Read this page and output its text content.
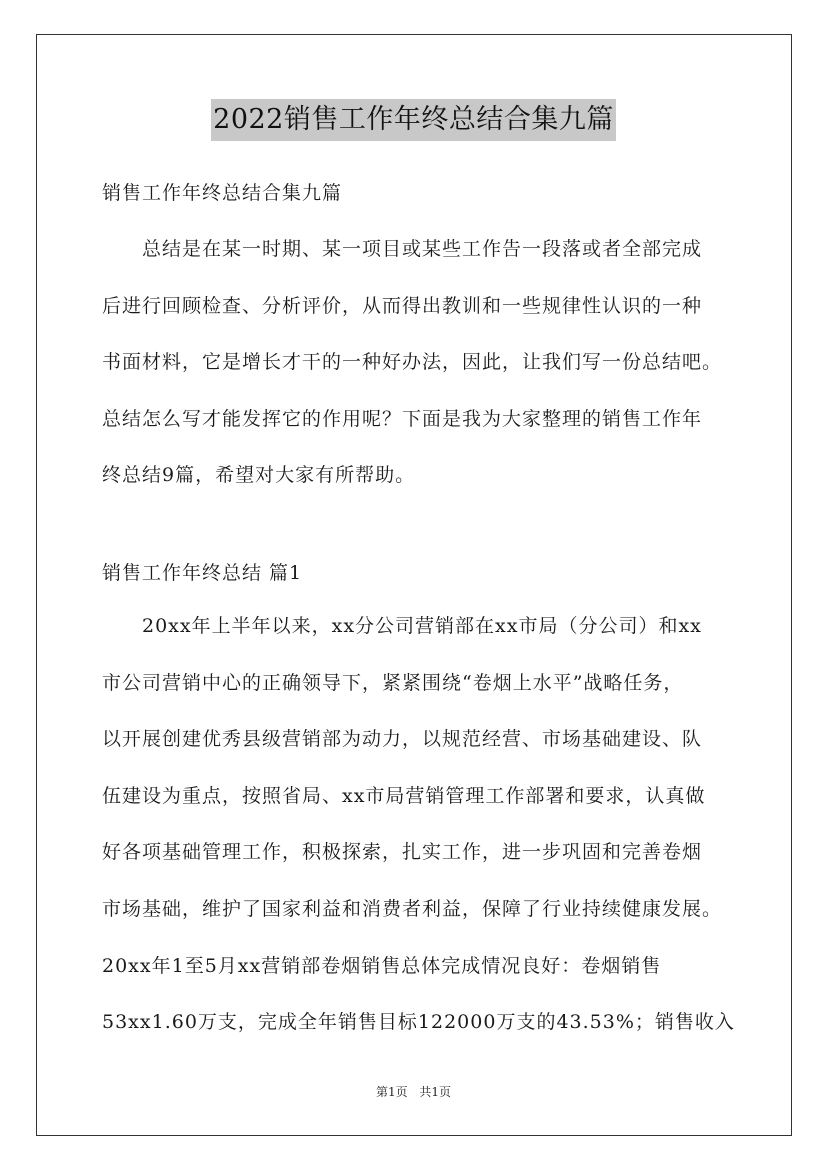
2022销售工作年终总结合集九篇
销售工作年终总结合集九篇
总结是在某一时期、某一项目或某些工作告一段落或者全部完成
后进行回顾检查、分析评价，从而得出教训和一些规律性认识的一种
书面材料，它是增长才干的一种好办法，因此，让我们写一份总结吧。
总结怎么写才能发挥它的作用呢？下面是我为大家整理的销售工作年
终总结9篇，希望对大家有所帮助。
销售工作年终总结 篇1
20xx年上半年以来，xx分公司营销部在xx市局（分公司）和xx
市公司营销中心的正确领导下，紧紧围绕“卷烟上水平”战略任务，
以开展创建优秀县级营销部为动力，以规范经营、市场基础建设、队
伍建设为重点，按照省局、xx市局营销管理工作部署和要求，认真做
好各项基础管理工作，积极探索，扎实工作，进一步巩固和完善卷烟
市场基础，维护了国家利益和消费者利益，保障了行业持续健康发展。
20xx年1至5月xx营销部卷烟销售总体完成情况良好：卷烟销售
53xx1.60万支，完成全年销售目标122000万支的43.53%；销售收入
第1页 共1页
